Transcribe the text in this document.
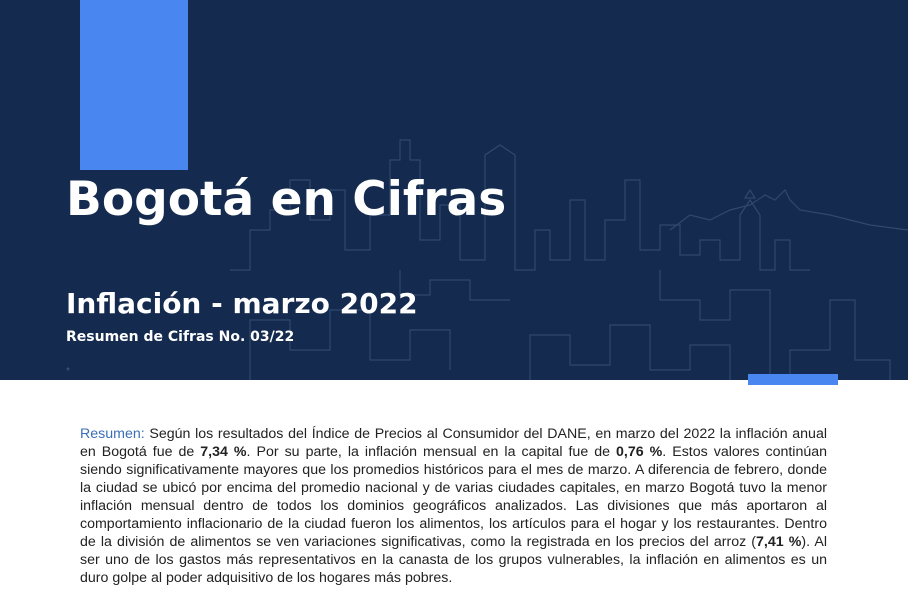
Bogotá en Cifras
Inflación - marzo 2022
Resumen de Cifras No. 03/22
*

Resumen: Según los resultados del Índice de Precios al Consumidor del DANE, en marzo del 2022 la inflación anual en Bogotá fue de 7,34 %. Por su parte, la inflación mensual en la capital fue de 0,76 %. Estos valores continúan siendo significativamente mayores que los promedios históricos para el mes de marzo. A diferencia de febrero, donde la ciudad se ubicó por encima del promedio nacional y de varias ciudades capitales, en marzo Bogotá tuvo la menor inflación mensual dentro de todos los dominios geográficos analizados. Las divisiones que más aportaron al comportamiento inflacionario de la ciudad fueron los alimentos, los artículos para el hogar y los restaurantes. Dentro de la división de alimentos se ven variaciones significativas, como la registrada en los precios del arroz (7,41 %). Al ser uno de los gastos más representativos en la canasta de los grupos vulnerables, la inflación en alimentos es un duro golpe al poder adquisitivo de los hogares más pobres.
